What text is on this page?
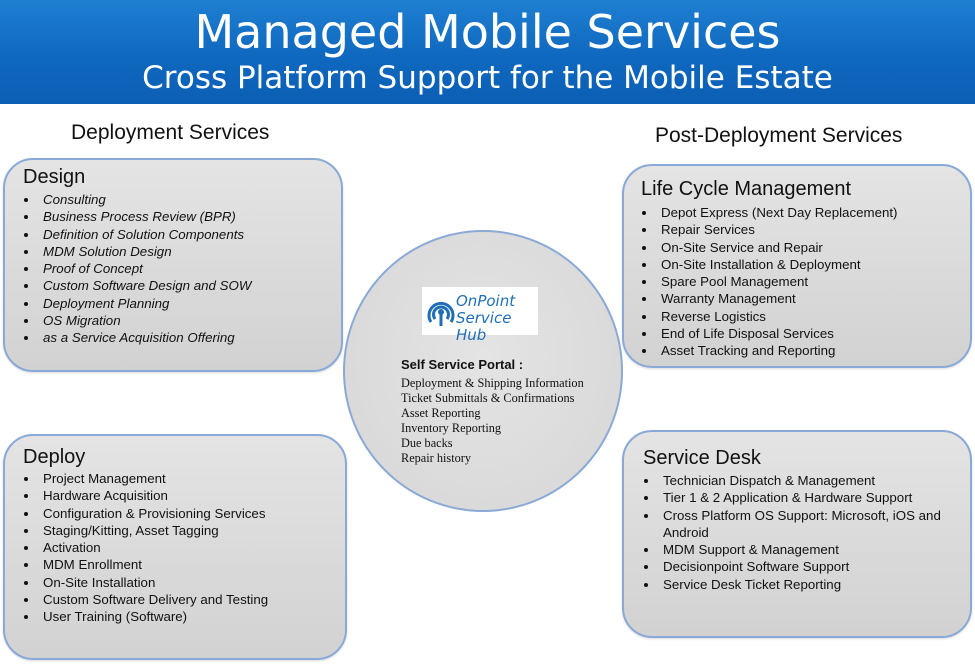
Managed Mobile Services
Cross Platform Support for the Mobile Estate
Deployment Services	Post-Deployment Services
Design
Consulting
Business Process Review (BPR)
Definition of Solution Components
MDM Solution Design
Proof of Concept
Custom Software Design and SOW
Deployment Planning
OS Migration
as a Service Acquisition Offering
Deploy
Project Management
Hardware Acquisition
Configuration & Provisioning Services
Staging/Kitting, Asset Tagging
Activation
MDM Enrollment
On-Site Installation
Custom Software Delivery and Testing
User Training (Software)
Life Cycle Management
Depot Express (Next Day Replacement)
Repair Services
On-Site Service and Repair
On-Site Installation & Deployment
Spare Pool Management
Warranty Management
Reverse Logistics
End of Life Disposal Services
Asset Tracking and Reporting
Service Desk
Technician Dispatch & Management
Tier 1 & 2 Application & Hardware Support
Cross Platform OS Support: Microsoft, iOS and Android
MDM Support & Management
Decisionpoint Software Support
Service Desk Ticket Reporting
OnPoint
Service Hub
Self Service Portal :
Deployment & Shipping Information
Ticket Submittals & Confirmations
Asset Reporting
Inventory Reporting
Due backs
Repair history
